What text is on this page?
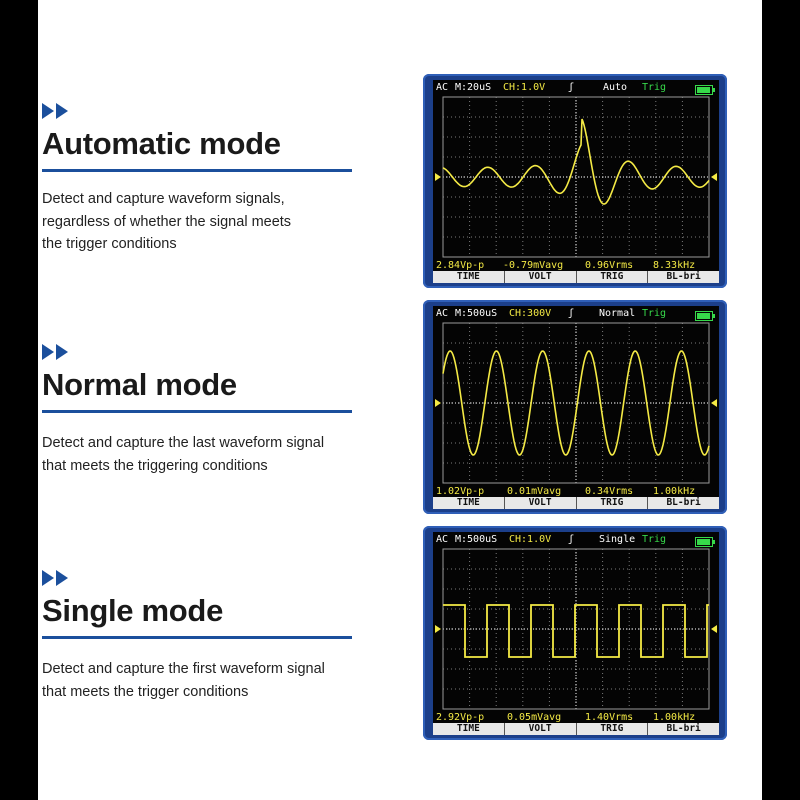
Automatic mode
Detect and capture waveform signals,
regardless of whether the signal meets
the trigger conditions
Normal mode
Detect and capture the last waveform signal
that meets the triggering conditions
Single mode
Detect and capture the first waveform signal
that meets the trigger conditions
AC M:20uS CH:1.0V ʃ	Auto Trig
2.84Vp-p -0.79mVavg 0.96Vrms 8.33kHz
TIME	VOLT	TRIG	BL-bri
AC M:500uS CH:300V ʃ Normal Trig
1.02Vp-p 0.01mVavg 0.34Vrms 1.00kHz
TIME	VOLT	TRIG	BL-bri
AC M:500uS CH:1.0V ʃ Single Trig
2.92Vp-p 0.05mVavg 1.40Vrms 1.00kHz
TIME	VOLT	TRIG	BL-bri
